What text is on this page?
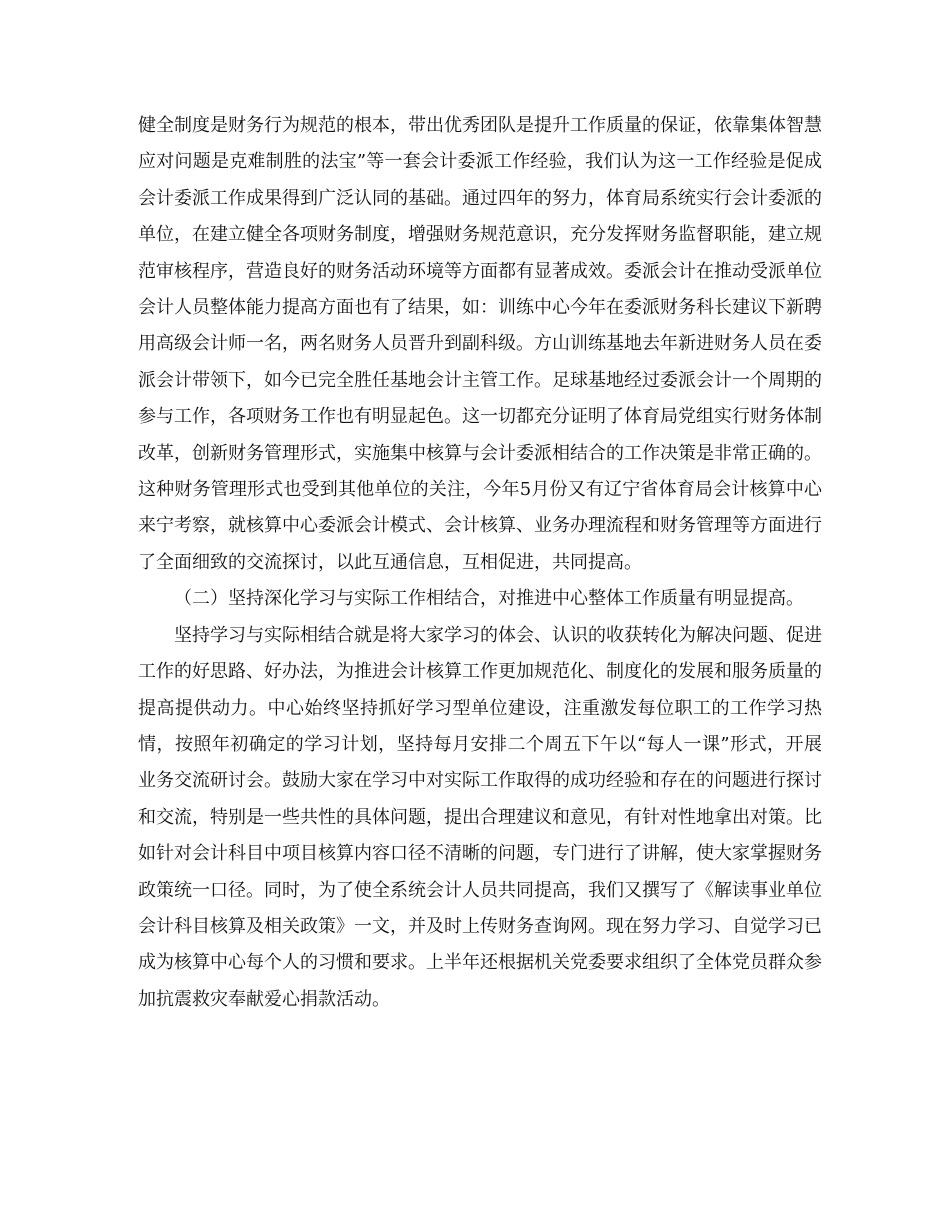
健全制度是财务行为规范的根本，带出优秀团队是提升工作质量的保证，依靠集体智慧应对问题是克难制胜的法宝”等一套会计委派工作经验，我们认为这一工作经验是促成会计委派工作成果得到广泛认同的基础。通过四年的努力，体育局系统实行会计委派的单位，在建立健全各项财务制度，增强财务规范意识，充分发挥财务监督职能，建立规范审核程序，营造良好的财务活动环境等方面都有显著成效。委派会计在推动受派单位会计人员整体能力提高方面也有了结果，如：训练中心今年在委派财务科长建议下新聘用高级会计师一名，两名财务人员晋升到副科级。方山训练基地去年新进财务人员在委派会计带领下，如今已完全胜任基地会计主管工作。足球基地经过委派会计一个周期的参与工作，各项财务工作也有明显起色。这一切都充分证明了体育局党组实行财务体制改革，创新财务管理形式，实施集中核算与会计委派相结合的工作决策是非常正确的。这种财务管理形式也受到其他单位的关注，今年5月份又有辽宁省体育局会计核算中心来宁考察，就核算中心委派会计模式、会计核算、业务办理流程和财务管理等方面进行了全面细致的交流探讨，以此互通信息，互相促进，共同提高。

（二）坚持深化学习与实际工作相结合，对推进中心整体工作质量有明显提高。

坚持学习与实际相结合就是将大家学习的体会、认识的收获转化为解决问题、促进工作的好思路、好办法，为推进会计核算工作更加规范化、制度化的发展和服务质量的提高提供动力。中心始终坚持抓好学习型单位建设，注重激发每位职工的工作学习热情，按照年初确定的学习计划，坚持每月安排二个周五下午以“每人一课”形式，开展业务交流研讨会。鼓励大家在学习中对实际工作取得的成功经验和存在的问题进行探讨和交流，特别是一些共性的具体问题，提出合理建议和意见，有针对性地拿出对策。比如针对会计科目中项目核算内容口径不清晰的问题，专门进行了讲解，使大家掌握财务政策统一口径。同时，为了使全系统会计人员共同提高，我们又撰写了《解读事业单位会计科目核算及相关政策》一文，并及时上传财务查询网。现在努力学习、自觉学习已成为核算中心每个人的习惯和要求。上半年还根据机关党委要求组织了全体党员群众参加抗震救灾奉献爱心捐款活动。
